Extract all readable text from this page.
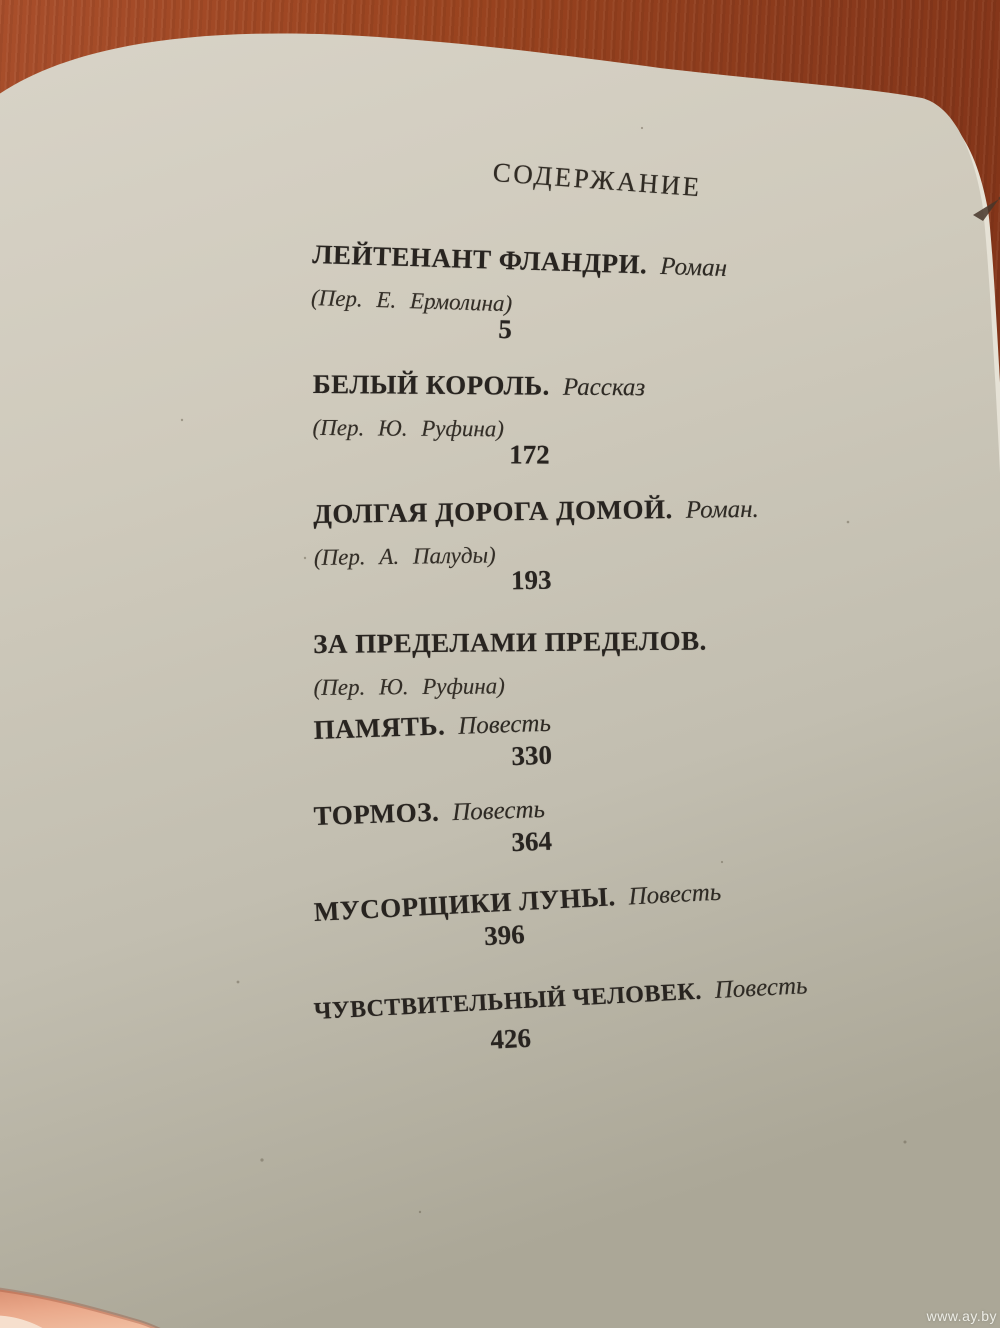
СОДЕРЖАНИЕ
ЛЕЙТЕНАНТ ФЛАНДРИ. Роман
(Пер. Е. Ермолина)
5
БЕЛЫЙ КОРОЛЬ. Рассказ
(Пер. Ю. Руфина)
172
ДОЛГАЯ ДОРОГА ДОМОЙ. Роман.
(Пер. А. Палуды)
193
ЗА ПРЕДЕЛАМИ ПРЕДЕЛОВ.
(Пер. Ю. Руфина)
ПАМЯТЬ. Повесть
330
ТОРМОЗ. Повесть
364
МУСОРЩИКИ ЛУНЫ. Повесть
396
ЧУВСТВИТЕЛЬНЫЙ ЧЕЛОВЕК. Повесть
426
www.ay.by
